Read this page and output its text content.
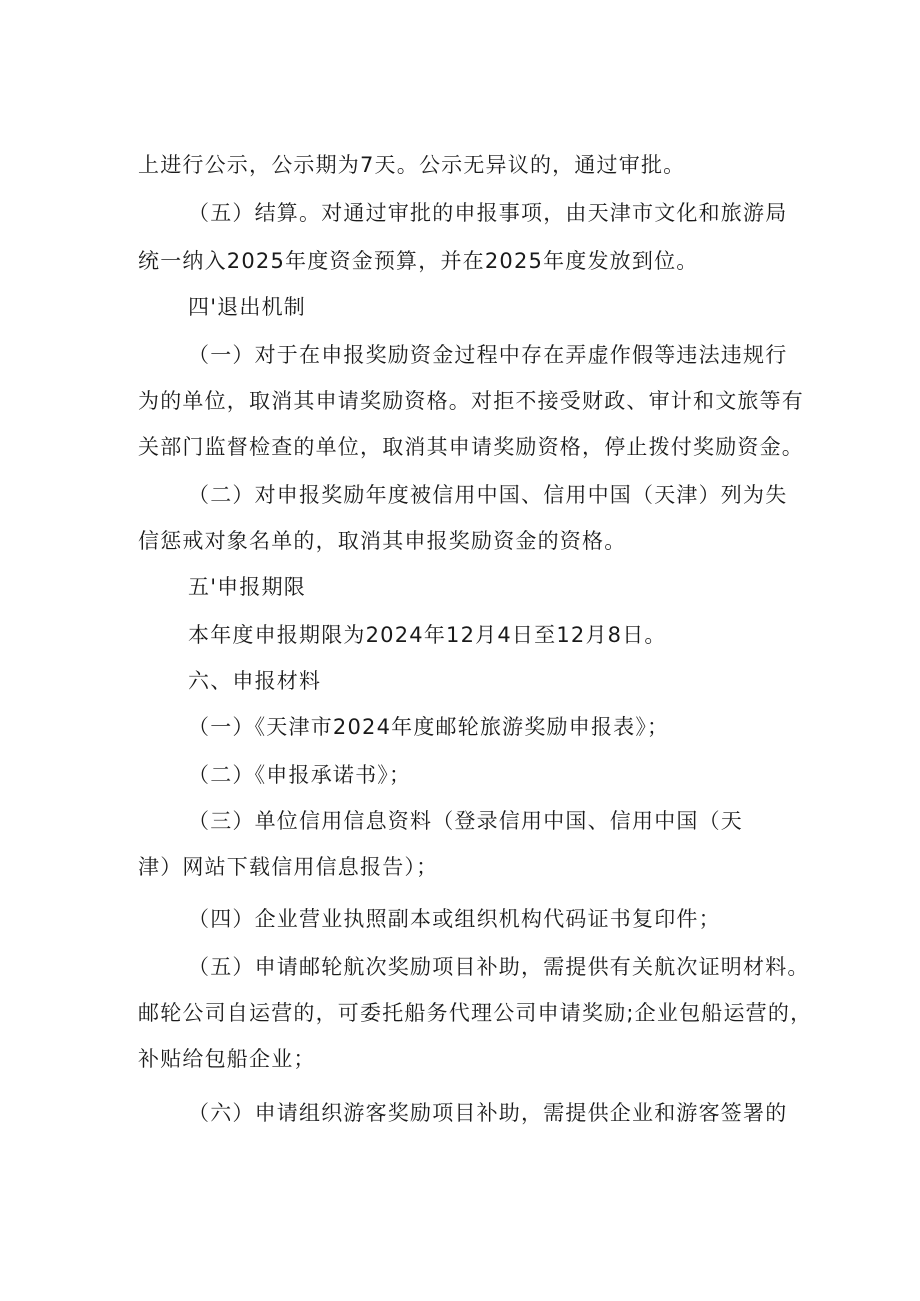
上进行公示，公示期为7天。公示无异议的，通过审批。
（五）结算。对通过审批的申报事项，由天津市文化和旅游局
统一纳入2025年度资金预算，并在2025年度发放到位。
四'退出机制
（一）对于在申报奖励资金过程中存在弄虚作假等违法违规行
为的单位，取消其申请奖励资格。对拒不接受财政、审计和文旅等有
关部门监督检查的单位，取消其申请奖励资格，停止拨付奖励资金。
（二）对申报奖励年度被信用中国、信用中国（天津）列为失
信惩戒对象名单的，取消其申报奖励资金的资格。
五'申报期限
本年度申报期限为2024年12月4日至12月8日。
六、申报材料
（一）《天津市2024年度邮轮旅游奖励申报表》；
（二）《申报承诺书》；
（三）单位信用信息资料（登录信用中国、信用中国（天
津）网站下载信用信息报告）；
（四）企业营业执照副本或组织机构代码证书复印件；
（五）申请邮轮航次奖励项目补助，需提供有关航次证明材料。
邮轮公司自运营的，可委托船务代理公司申请奖励;企业包船运营的，
补贴给包船企业；
（六）申请组织游客奖励项目补助，需提供企业和游客签署的
